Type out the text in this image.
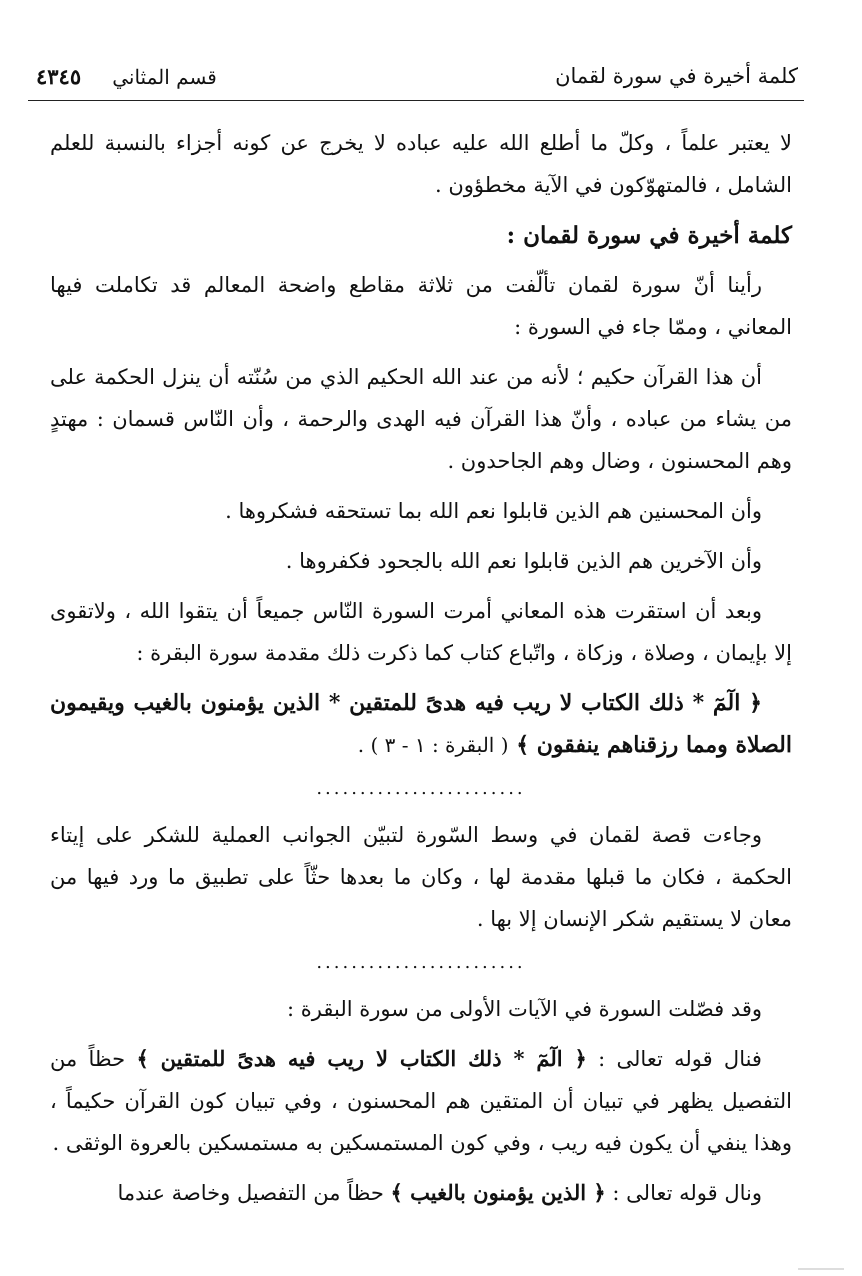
كلمة أخيرة في سورة لقمان
قسم المثاني ٤٣٤٥

لا يعتبر علماً ، وكلّ ما أطلع الله عليه عباده لا يخرج عن كونه أجزاء بالنسبة للعلم الشامل ، فالمتهوّكون في الآية مخطؤون .

كلمة أخيرة في سورة لقمان :

رأينا أنّ سورة لقمان تألّفت من ثلاثة مقاطع واضحة المعالم قد تكاملت فيها المعاني ، وممّا جاء في السورة :

أن هذا القرآن حكيم ؛ لأنه من عند الله الحكيم الذي من سُنّته أن ينزل الحكمة على من يشاء من عباده ، وأنّ هذا القرآن فيه الهدى والرحمة ، وأن النّاس قسمان : مهتدٍ وهم المحسنون ، وضال وهم الجاحدون .

وأن المحسنين هم الذين قابلوا نعم الله بما تستحقه فشكروها .

وأن الآخرين هم الذين قابلوا نعم الله بالجحود فكفروها .

وبعد أن استقرت هذه المعاني أمرت السورة النّاس جميعاً أن يتقوا الله ، ولاتقوى إلا بإيمان ، وصلاة ، وزكاة ، واتّباع كتاب كما ذكرت ذلك مقدمة سورة البقرة :

﴿ الٓمٓ * ذلك الكتاب لا ريب فيه هدىً للمتقين * الذين يؤمنون بالغيب ويقيمون الصلاة ومما رزقناهم ينفقون ﴾ ( البقرة : ١ - ٣ ) .

........................

وجاءت قصة لقمان في وسط السّورة لتبيّن الجوانب العملية للشكر على إيتاء الحكمة ، فكان ما قبلها مقدمة لها ، وكان ما بعدها حثّاً على تطبيق ما ورد فيها من معان لا يستقيم شكر الإنسان إلا بها .

........................

وقد فصّلت السورة في الآيات الأولى من سورة البقرة :

فنال قوله تعالى : ﴿ الٓمٓ * ذلك الكتاب لا ريب فيه هدىً للمتقين ﴾ حظاً من التفصيل يظهر في تبيان أن المتقين هم المحسنون ، وفي تبيان كون القرآن حكيماً ، وهذا ينفي أن يكون فيه ريب ، وفي كون المستمسكين به مستمسكين بالعروة الوثقى .

ونال قوله تعالى : ﴿ الذين يؤمنون بالغيب ﴾ حظاً من التفصيل وخاصة عندما
